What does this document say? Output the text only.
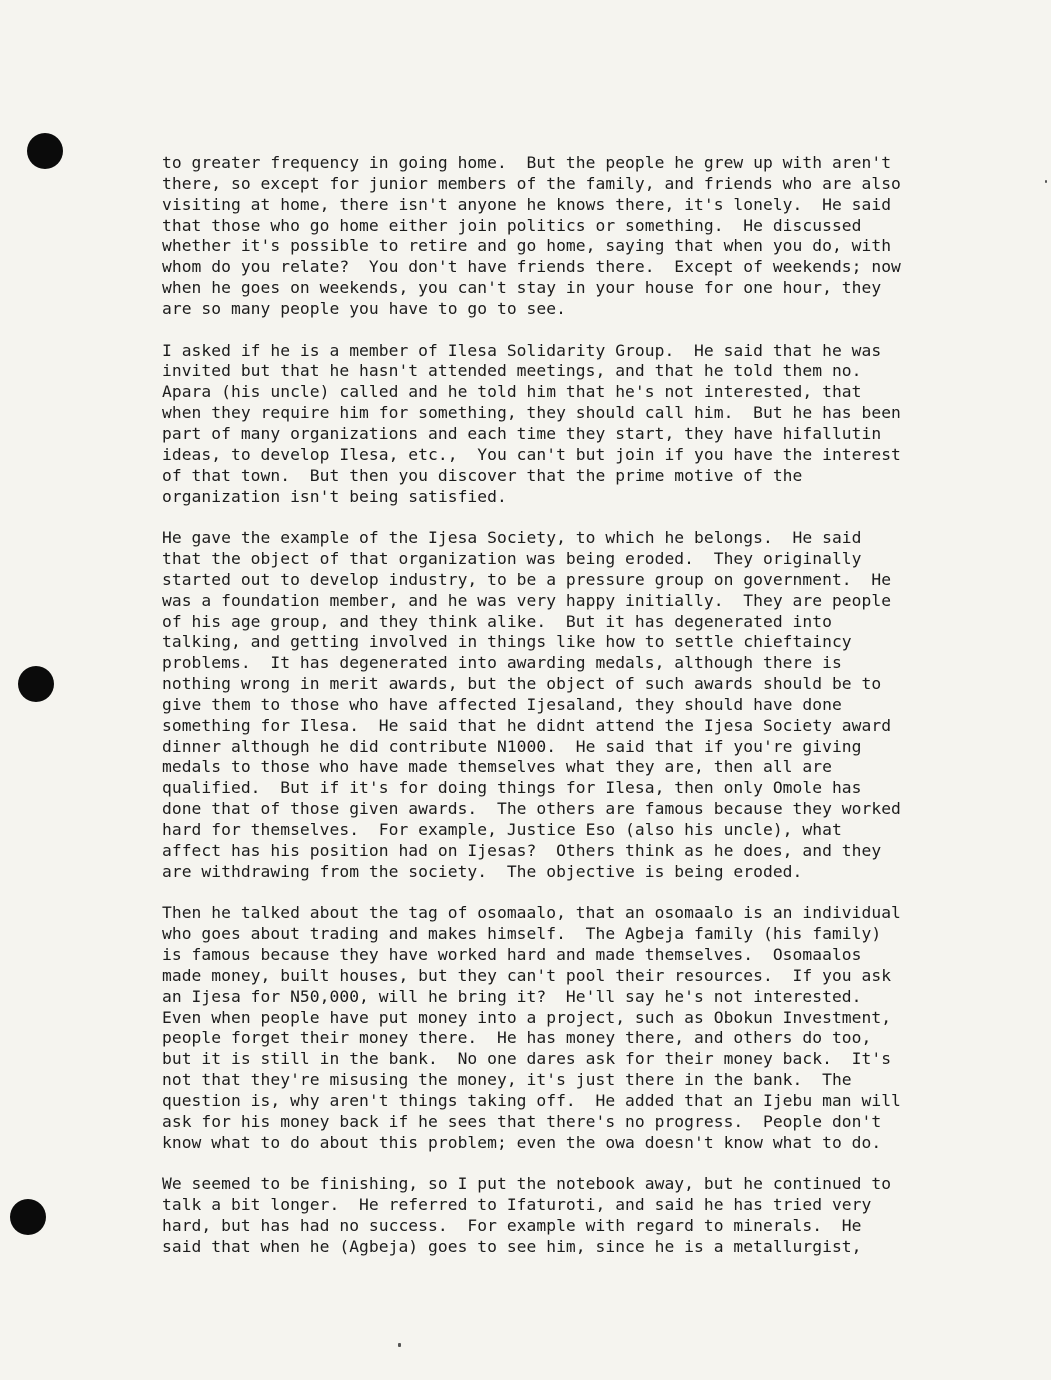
to greater frequency in going home.  But the people he grew up with aren't
there, so except for junior members of the family, and friends who are also
visiting at home, there isn't anyone he knows there, it's lonely.  He said
that those who go home either join politics or something.  He discussed
whether it's possible to retire and go home, saying that when you do, with
whom do you relate?  You don't have friends there.  Except of weekends; now
when he goes on weekends, you can't stay in your house for one hour, they
are so many people you have to go to see.

I asked if he is a member of Ilesa Solidarity Group.  He said that he was
invited but that he hasn't attended meetings, and that he told them no.
Apara (his uncle) called and he told him that he's not interested, that
when they require him for something, they should call him.  But he has been
part of many organizations and each time they start, they have hifallutin
ideas, to develop Ilesa, etc.,  You can't but join if you have the interest
of that town.  But then you discover that the prime motive of the
organization isn't being satisfied.

He gave the example of the Ijesa Society, to which he belongs.  He said
that the object of that organization was being eroded.  They originally
started out to develop industry, to be a pressure group on government.  He
was a foundation member, and he was very happy initially.  They are people
of his age group, and they think alike.  But it has degenerated into
talking, and getting involved in things like how to settle chieftaincy
problems.  It has degenerated into awarding medals, although there is
nothing wrong in merit awards, but the object of such awards should be to
give them to those who have affected Ijesaland, they should have done
something for Ilesa.  He said that he didnt attend the Ijesa Society award
dinner although he did contribute N1000.  He said that if you're giving
medals to those who have made themselves what they are, then all are
qualified.  But if it's for doing things for Ilesa, then only Omole has
done that of those given awards.  The others are famous because they worked
hard for themselves.  For example, Justice Eso (also his uncle), what
affect has his position had on Ijesas?  Others think as he does, and they
are withdrawing from the society.  The objective is being eroded.

Then he talked about the tag of osomaalo, that an osomaalo is an individual
who goes about trading and makes himself.  The Agbeja family (his family)
is famous because they have worked hard and made themselves.  Osomaalos
made money, built houses, but they can't pool their resources.  If you ask
an Ijesa for N50,000, will he bring it?  He'll say he's not interested.
Even when people have put money into a project, such as Obokun Investment,
people forget their money there.  He has money there, and others do too,
but it is still in the bank.  No one dares ask for their money back.  It's
not that they're misusing the money, it's just there in the bank.  The
question is, why aren't things taking off.  He added that an Ijebu man will
ask for his money back if he sees that there's no progress.  People don't
know what to do about this problem; even the owa doesn't know what to do.

We seemed to be finishing, so I put the notebook away, but he continued to
talk a bit longer.  He referred to Ifaturoti, and said he has tried very
hard, but has had no success.  For example with regard to minerals.  He
said that when he (Agbeja) goes to see him, since he is a metallurgist,
